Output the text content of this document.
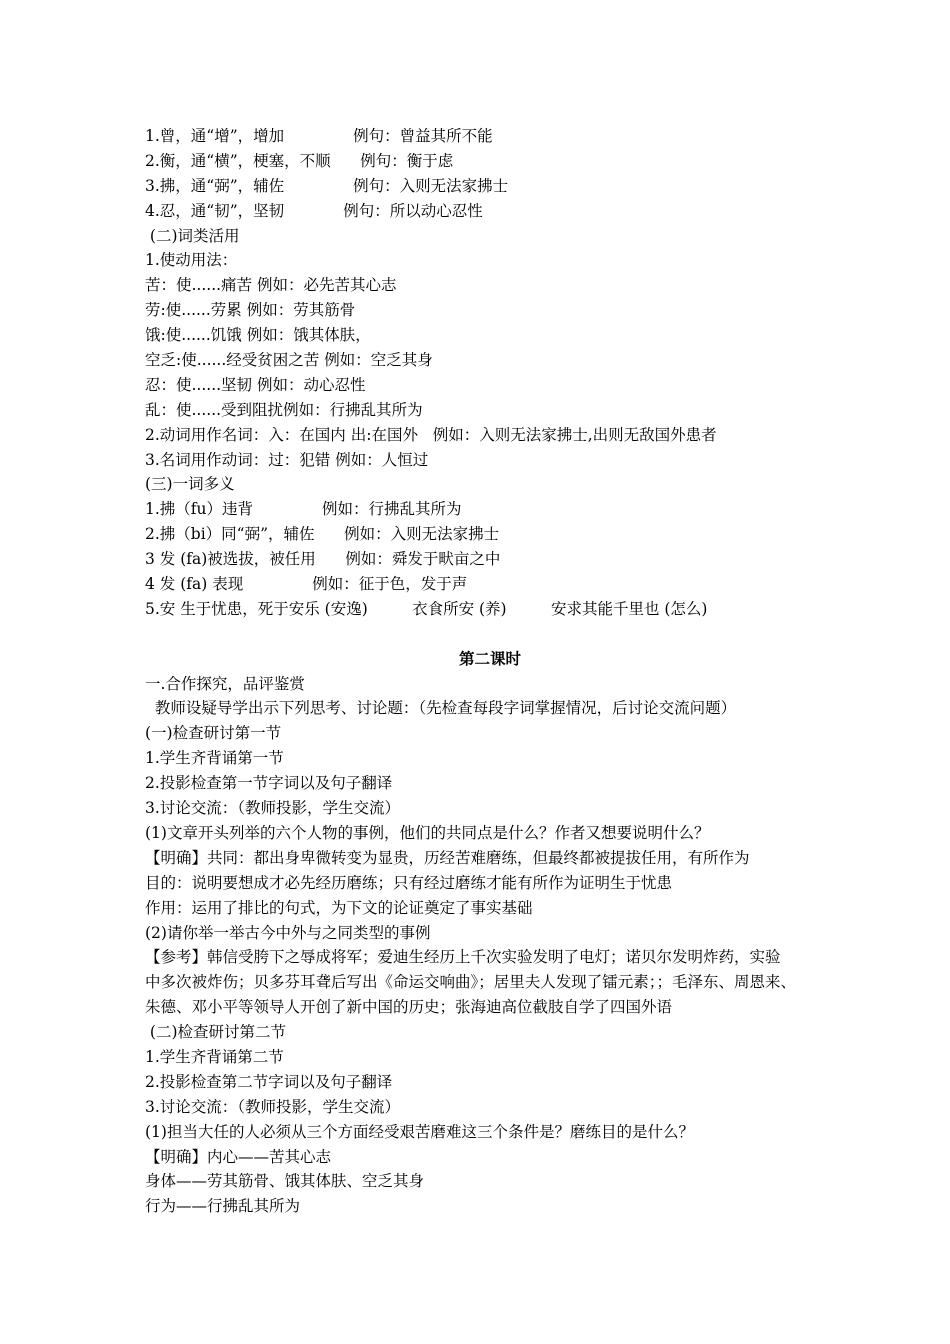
1.曾，通“增”，增加              例句：曾益其所不能
2.衡，通“横”，梗塞，不顺      例句：衡于虑
3.拂，通“弼”，辅佐              例句：入则无法家拂士
4.忍，通“韧”，坚韧            例句：所以动心忍性
(二)词类活用
1.使动用法：
苦：使......痛苦 例如：必先苦其心志
劳:使......劳累 例如：劳其筋骨
饿:使......饥饿 例如：饿其体肤，
空乏:使......经受贫困之苦 例如：空乏其身
忍：使......坚韧 例如：动心忍性
乱：使......受到阻扰例如：行拂乱其所为
2.动词用作名词：入：在国内 出:在国外   例如：入则无法家拂士,出则无敌国外患者
3.名词用作动词：过：犯错 例如：人恒过
(三)一词多义
1.拂（fu）违背              例如：行拂乱其所为
2.拂（bi）同“弼”，辅佐      例如：入则无法家拂士
3 发 (fa)被选拔，被任用      例如：舜发于畎亩之中
4 发 (fa) 表现              例如：征于色，发于声
5.安 生于忧患，死于安乐 (安逸)         衣食所安 (养)         安求其能千里也 (怎么)
第二课时
一.合作探究，品评鉴赏
教师设疑导学出示下列思考、讨论题：（先检查每段字词掌握情况，后讨论交流问题）
(一)检查研讨第一节
1.学生齐背诵第一节
2.投影检查第一节字词以及句子翻译
3.讨论交流：（教师投影，学生交流）
(1)文章开头列举的六个人物的事例，他们的共同点是什么？作者又想要说明什么？
【明确】共同：都出身卑微转变为显贵，历经苦难磨练，但最终都被提拔任用，有所作为
目的：说明要想成才必先经历磨练；只有经过磨练才能有所作为证明生于忧患
作用：运用了排比的句式，为下文的论证奠定了事实基础
(2)请你举一举古今中外与之同类型的事例
【参考】韩信受胯下之辱成将军；爱迪生经历上千次实验发明了电灯；诺贝尔发明炸药，实验
中多次被炸伤；贝多芬耳聋后写出《命运交响曲》；居里夫人发现了镭元素；；毛泽东、周恩来、
朱德、邓小平等领导人开创了新中国的历史；张海迪高位截肢自学了四国外语
(二)检查研讨第二节
1.学生齐背诵第二节
2.投影检查第二节字词以及句子翻译
3.讨论交流：（教师投影，学生交流）
(1)担当大任的人必须从三个方面经受艰苦磨难这三个条件是？磨练目的是什么？
【明确】内心——苦其心志
身体——劳其筋骨、饿其体肤、空乏其身
行为——行拂乱其所为
